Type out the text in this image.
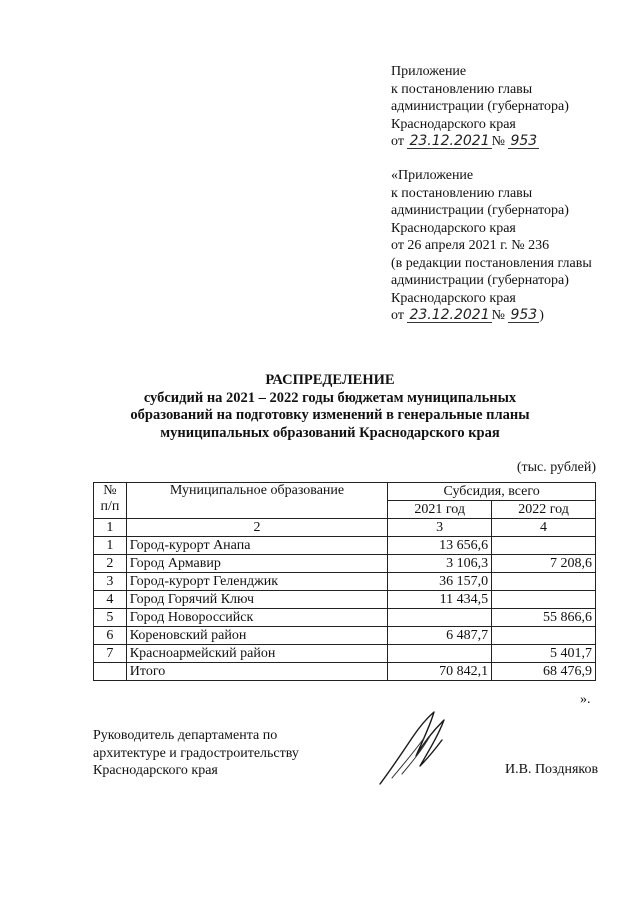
Приложение
к постановлению главы
администрации (губернатора)
Краснодарского края
от 23.12.2021 № 953
«Приложение
к постановлению главы
администрации (губернатора)
Краснодарского края
от 26 апреля 2021 г. № 236
(в редакции постановления главы
администрации (губернатора)
Краснодарского края
от 23.12.2021 № 953 )
РАСПРЕДЕЛЕНИЕ
субсидий на 2021 – 2022 годы бюджетам муниципальных
образований на подготовку изменений в генеральные планы
муниципальных образований Краснодарского края
(тыс. рублей)
№ п/п	Муниципальное образование	Субсидия, всего	
		2021 год	2022 год
1	2	3	4
1	Город-курорт Анапа	13 656,6	
2	Город Армавир	3 106,3	7 208,6
3	Город-курорт Геленджик	36 157,0	
4	Город Горячий Ключ	11 434,5	
5	Город Новороссийск		55 866,6
6	Кореновский район	6 487,7	
7	Красноармейский район		5 401,7
	Итого	70 842,1	68 476,9
».
Руководитель департамента по
архитектуре и градостроительству
Краснодарского края	И.В. Поздняков
